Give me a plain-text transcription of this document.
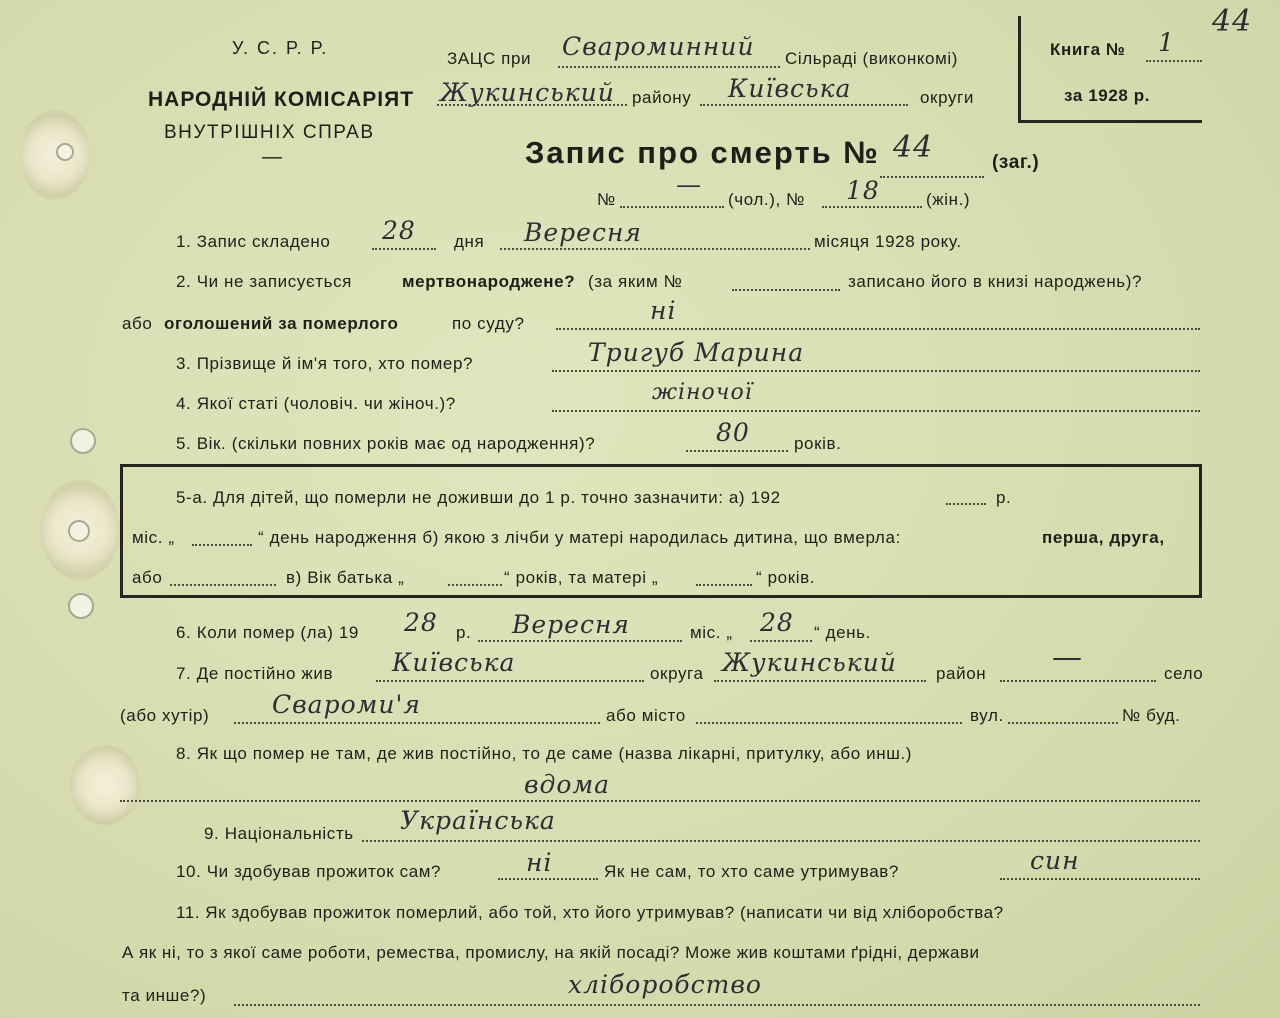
44
У. С. Р. Р.
НАРОДНІЙ КОМІСАРІЯТ
ВНУТРІШНІХ СПРАВ
—
ЗАЦС при Свароминний Сільраді (виконкомі)
Жукинський району Київська	округи
Книга № 1
за 1928 р.
Запис про смерть № 44	(заг.)
№
—
(чол.), № 18	(жін.)
1. Запис складено 28 дня Вересня	місяця 1928 року.
2. Чи не записується	мертвонароджене? (за яким №	записано його в книзі народжень)?
або оголошений за померлого	по суду?	ні
3. Прізвище й ім'я того, хто помер?	Тригуб Марина
4. Якої статі (чоловіч. чи жіноч.)?	жіночої
5. Вік. (скільки повних років має од народження)?	80	років.
5-а. Для дітей, що померли не доживши до 1 р. точно зазначити: а) 192	р.
міс. „	“ день народження б) якою з лічби у матері народилась дитина, що вмерла:	перша, друга,
або	в) Вік батька „	“ років, та матері „	“ років.
6. Коли помер (ла) 19 28 р. Вересня	міс. „ 28 “ день.
7. Де постійно жив Київська	округа Жукинський район —	село
(або хутір)	Свароми'я	або місто	вул.	№ буд.
8. Як що помер не там, де жив постійно, то де саме (назва лікарні, притулку, або инш.)
вдома
9. Національність Українська
10. Чи здобував прожиток сам?	ні	Як не сам, то хто саме утримував?	син
11. Як здобував прожиток померлий, або той, хто його утримував? (написати чи від хліборобства?
А як ні, то з якої саме роботи, ремества, промислу, на якій посаді? Може жив коштами ґрідні, держави
та инше?)	хліборобство
